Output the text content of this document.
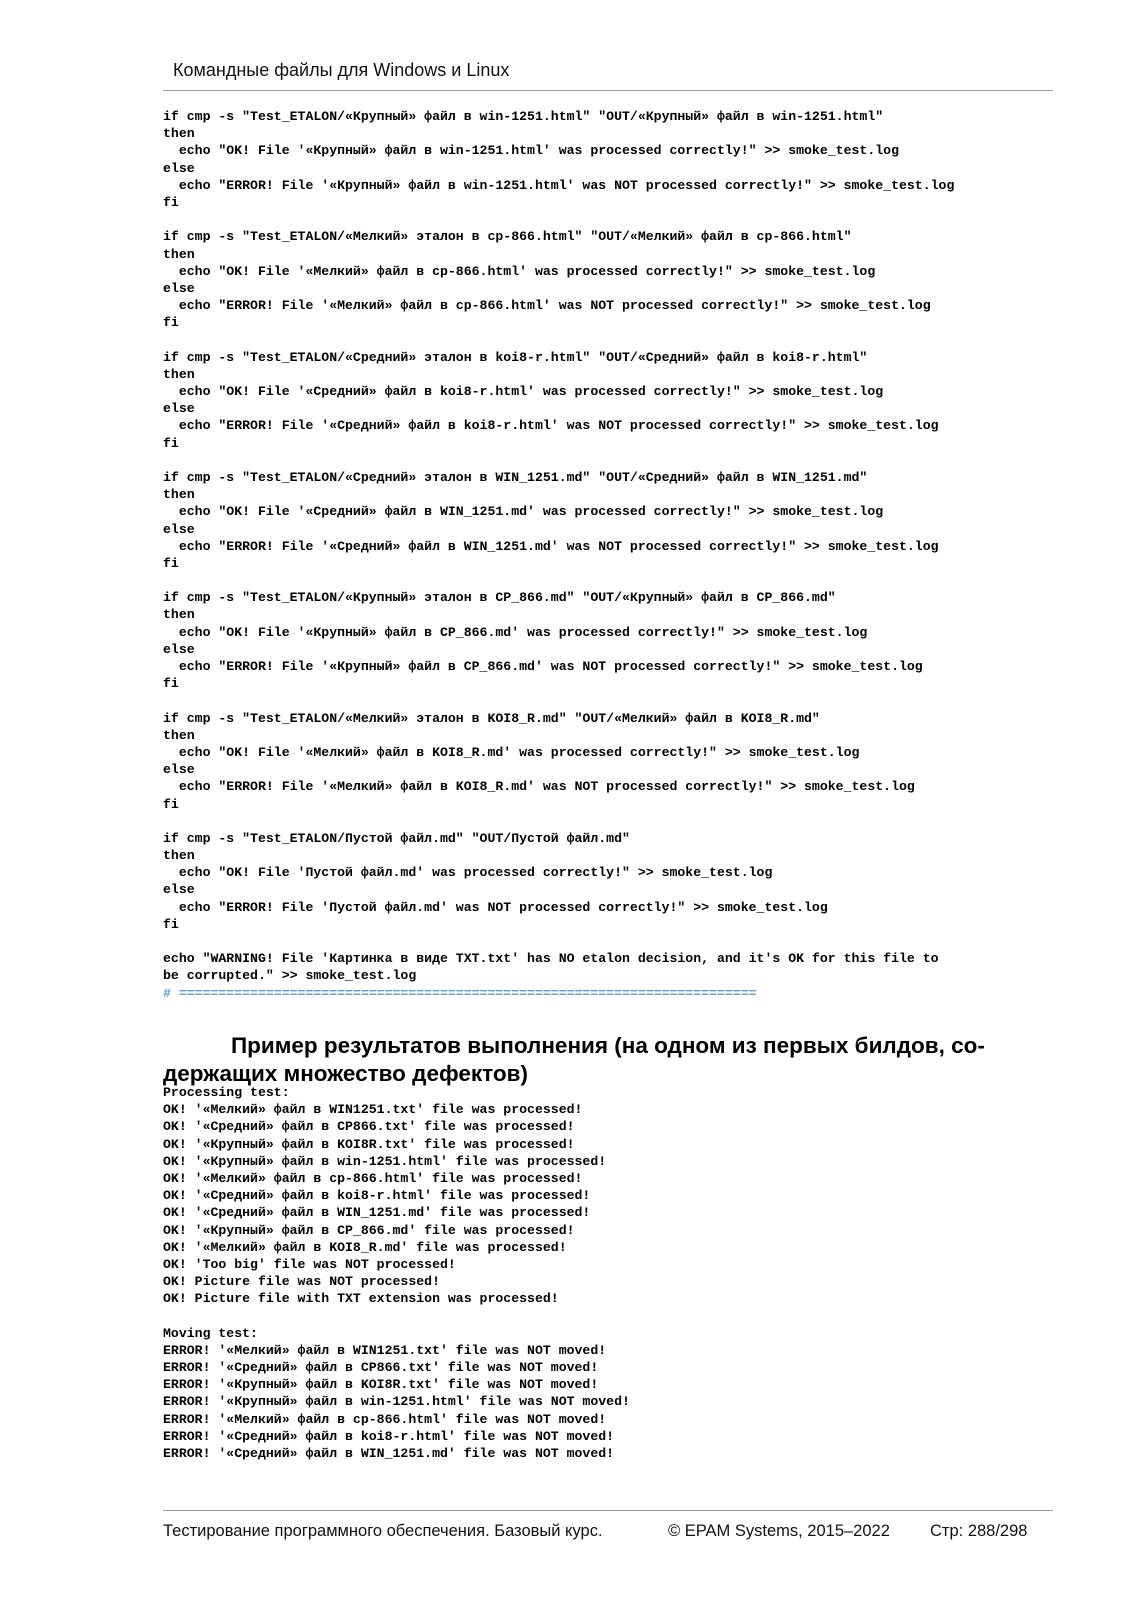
Командные файлы для Windows и Linux
if cmp -s "Test_ETALON/«Крупный» файл в win-1251.html" "OUT/«Крупный» файл в win-1251.html"
then
echo "OK! File '«Крупный» файл в win-1251.html' was processed correctly!" >> smoke_test.log
else
echo "ERROR! File '«Крупный» файл в win-1251.html' was NOT processed correctly!" >> smoke_test.log
fi

if cmp -s "Test_ETALON/«Мелкий» эталон в cp-866.html" "OUT/«Мелкий» файл в cp-866.html"
then
echo "OK! File '«Мелкий» файл в cp-866.html' was processed correctly!" >> smoke_test.log
else
echo "ERROR! File '«Мелкий» файл в cp-866.html' was NOT processed correctly!" >> smoke_test.log
fi

if cmp -s "Test_ETALON/«Средний» эталон в koi8-r.html" "OUT/«Средний» файл в koi8-r.html"
then
echo "OK! File '«Средний» файл в koi8-r.html' was processed correctly!" >> smoke_test.log
else
echo "ERROR! File '«Средний» файл в koi8-r.html' was NOT processed correctly!" >> smoke_test.log
fi

if cmp -s "Test_ETALON/«Средний» эталон в WIN_1251.md" "OUT/«Средний» файл в WIN_1251.md"
then
echo "OK! File '«Средний» файл в WIN_1251.md' was processed correctly!" >> smoke_test.log
else
echo "ERROR! File '«Средний» файл в WIN_1251.md' was NOT processed correctly!" >> smoke_test.log
fi

if cmp -s "Test_ETALON/«Крупный» эталон в CP_866.md" "OUT/«Крупный» файл в CP_866.md"
then
echo "OK! File '«Крупный» файл в CP_866.md' was processed correctly!" >> smoke_test.log
else
echo "ERROR! File '«Крупный» файл в CP_866.md' was NOT processed correctly!" >> smoke_test.log
fi

if cmp -s "Test_ETALON/«Мелкий» эталон в KOI8_R.md" "OUT/«Мелкий» файл в KOI8_R.md"
then
echo "OK! File '«Мелкий» файл в KOI8_R.md' was processed correctly!" >> smoke_test.log
else
echo "ERROR! File '«Мелкий» файл в KOI8_R.md' was NOT processed correctly!" >> smoke_test.log
fi

if cmp -s "Test_ETALON/Пустой файл.md" "OUT/Пустой файл.md"
then
echo "OK! File 'Пустой файл.md' was processed correctly!" >> smoke_test.log
else
echo "ERROR! File 'Пустой файл.md' was NOT processed correctly!" >> smoke_test.log
fi

echo "WARNING! File 'Картинка в виде TXT.txt' has NO etalon decision, and it's OK for this file to
be corrupted." >> smoke_test.log
# =========================================================================
Пример результатов выполнения (на одном из первых билдов, со-держащих множество дефектов)
Processing test:
OK! '«Мелкий» файл в WIN1251.txt' file was processed!
OK! '«Средний» файл в CP866.txt' file was processed!
OK! '«Крупный» файл в KOI8R.txt' file was processed!
OK! '«Крупный» файл в win-1251.html' file was processed!
OK! '«Мелкий» файл в cp-866.html' file was processed!
OK! '«Средний» файл в koi8-r.html' file was processed!
OK! '«Средний» файл в WIN_1251.md' file was processed!
OK! '«Крупный» файл в CP_866.md' file was processed!
OK! '«Мелкий» файл в KOI8_R.md' file was processed!
OK! 'Too big' file was NOT processed!
OK! Picture file was NOT processed!
OK! Picture file with TXT extension was processed!

Moving test:
ERROR! '«Мелкий» файл в WIN1251.txt' file was NOT moved!
ERROR! '«Средний» файл в CP866.txt' file was NOT moved!
ERROR! '«Крупный» файл в KOI8R.txt' file was NOT moved!
ERROR! '«Крупный» файл в win-1251.html' file was NOT moved!
ERROR! '«Мелкий» файл в cp-866.html' file was NOT moved!
ERROR! '«Средний» файл в koi8-r.html' file was NOT moved!
ERROR! '«Средний» файл в WIN_1251.md' file was NOT moved!
Тестирование программного обеспечения. Базовый курс.	© EPAM Systems, 2015–2022 Стр: 288/298
